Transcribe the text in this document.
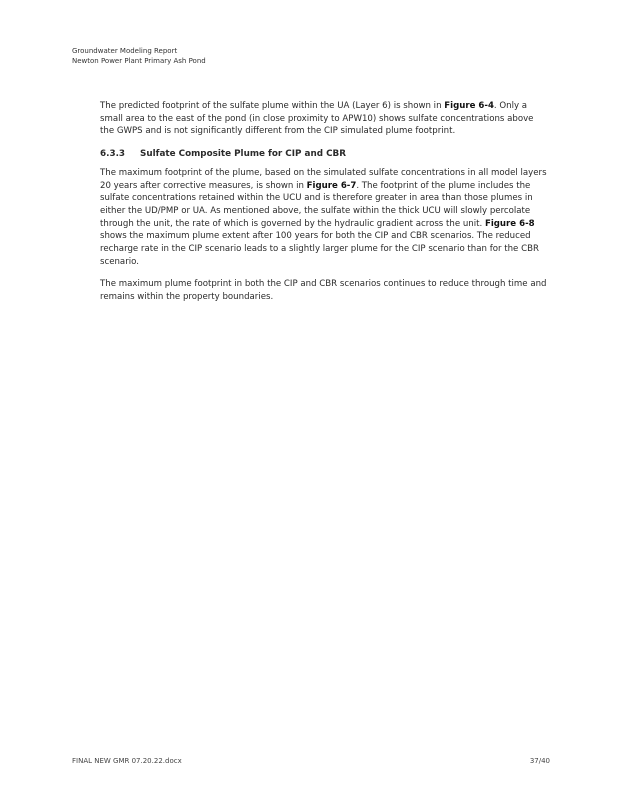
Groundwater Modeling Report
Newton Power Plant Primary Ash Pond

The predicted footprint of the sulfate plume within the UA (Layer 6) is shown in Figure 6-4. Only a small area to the east of the pond (in close proximity to APW10) shows sulfate concentrations above the GWPS and is not significantly different from the CIP simulated plume footprint.

6.3.3 Sulfate Composite Plume for CIP and CBR

The maximum footprint of the plume, based on the simulated sulfate concentrations in all model layers 20 years after corrective measures, is shown in Figure 6-7. The footprint of the plume includes the sulfate concentrations retained within the UCU and is therefore greater in area than those plumes in either the UD/PMP or UA. As mentioned above, the sulfate within the thick UCU will slowly percolate through the unit, the rate of which is governed by the hydraulic gradient across the unit. Figure 6-8 shows the maximum plume extent after 100 years for both the CIP and CBR scenarios. The reduced recharge rate in the CIP scenario leads to a slightly larger plume for the CIP scenario than for the CBR scenario.

The maximum plume footprint in both the CIP and CBR scenarios continues to reduce through time and remains within the property boundaries.

FINAL NEW GMR 07.20.22.docx	37/40
